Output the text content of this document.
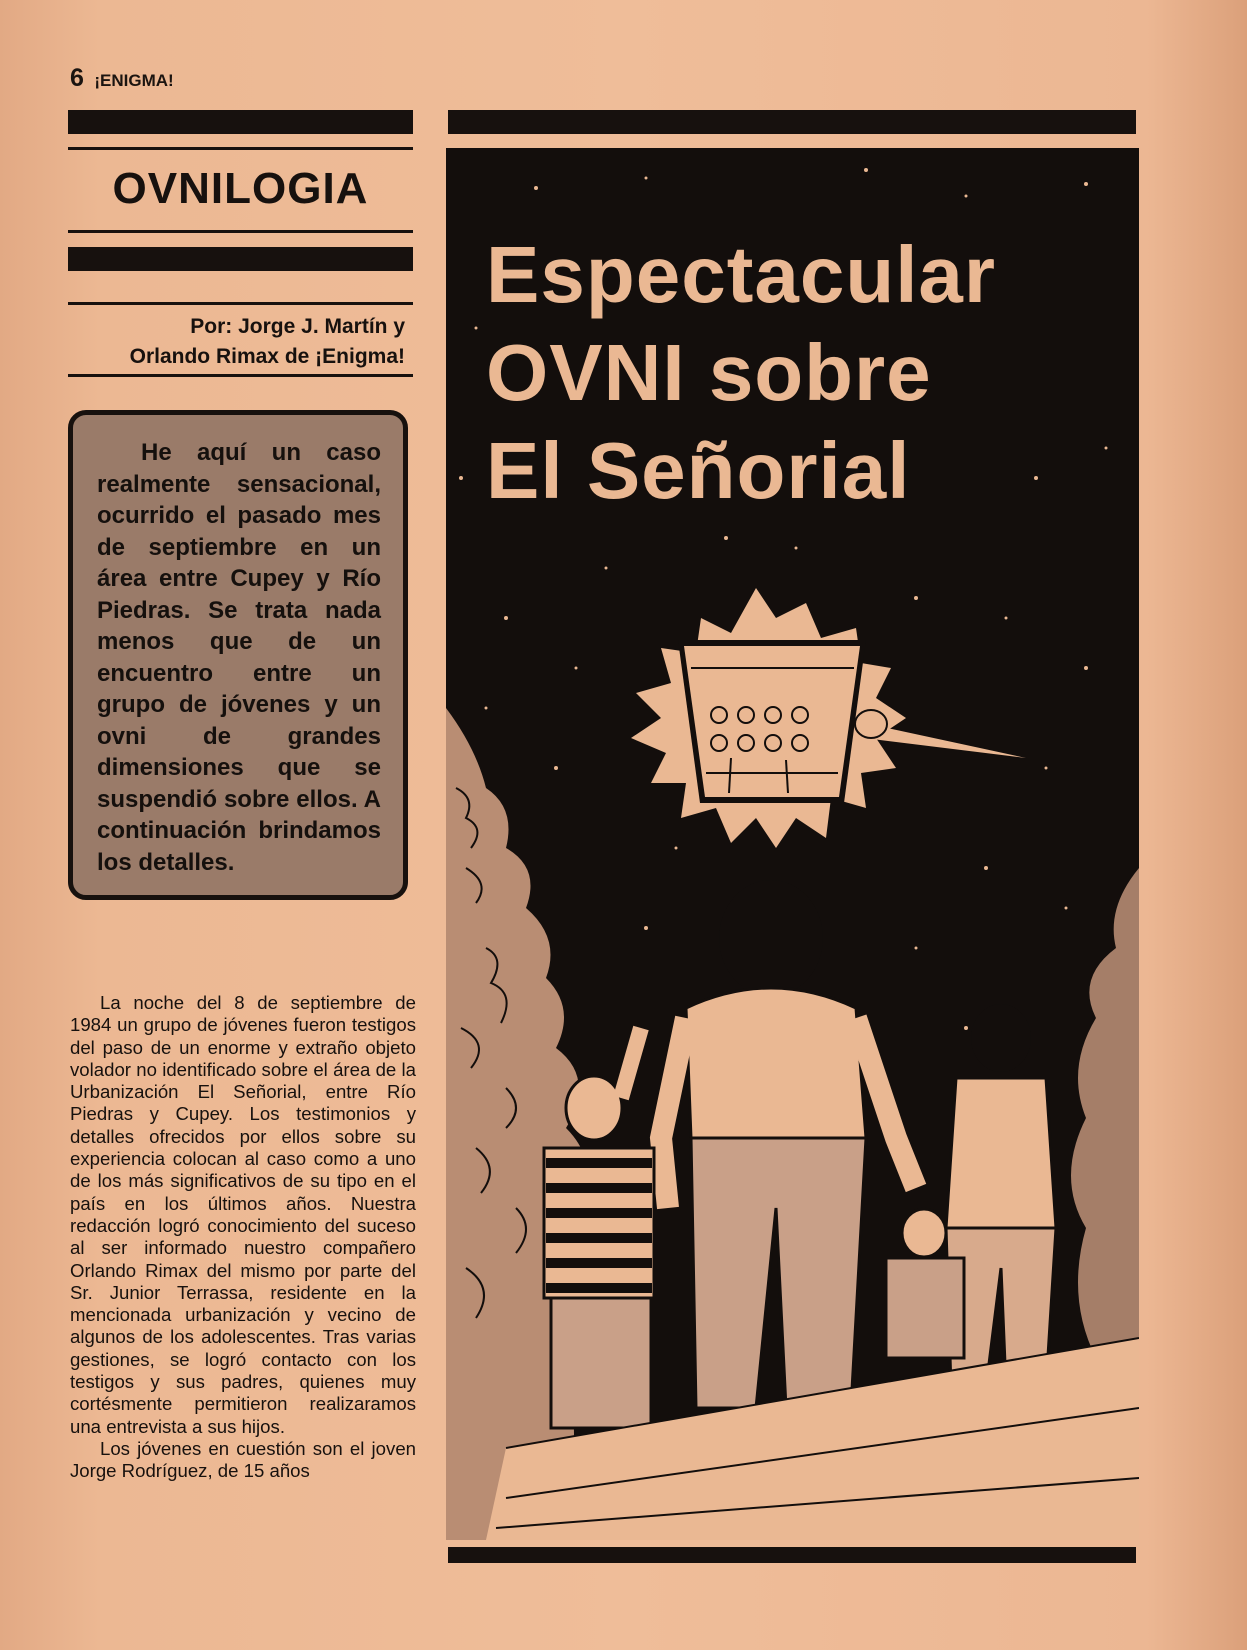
6 ¡ENIGMA!
OVNILOGIA
Por: Jorge J. Martín y
Orlando Rimax de ¡Enigma!

He aquí un caso realmente sensacional, ocurrido el pasado mes de septiembre en un área entre Cupey y Río Piedras. Se trata nada menos que de un encuentro entre un grupo de jóvenes y un ovni de grandes dimensiones que se suspendió sobre ellos. A continuación brindamos los detalles.

La noche del 8 de septiembre de 1984 un grupo de jóvenes fueron testigos del paso de un enorme y extraño objeto volador no identificado sobre el área de la Urbanización El Señorial, entre Río Piedras y Cupey. Los testimonios y detalles ofrecidos por ellos sobre su experiencia colocan al caso como a uno de los más significativos de su tipo en el país en los últimos años. Nuestra redacción logró conocimiento del suceso al ser informado nuestro compañero Orlando Rimax del mismo por parte del Sr. Junior Terrassa, residente en la mencionada urbanización y vecino de algunos de los adolescentes. Tras varias gestiones, se logró contacto con los testigos y sus padres, quienes muy cortésmente permitieron realizaramos una entrevista a sus hijos.

Los jóvenes en cuestión son el joven Jorge Rodríguez, de 15 años

Espectacular
OVNI sobre
El Señorial
